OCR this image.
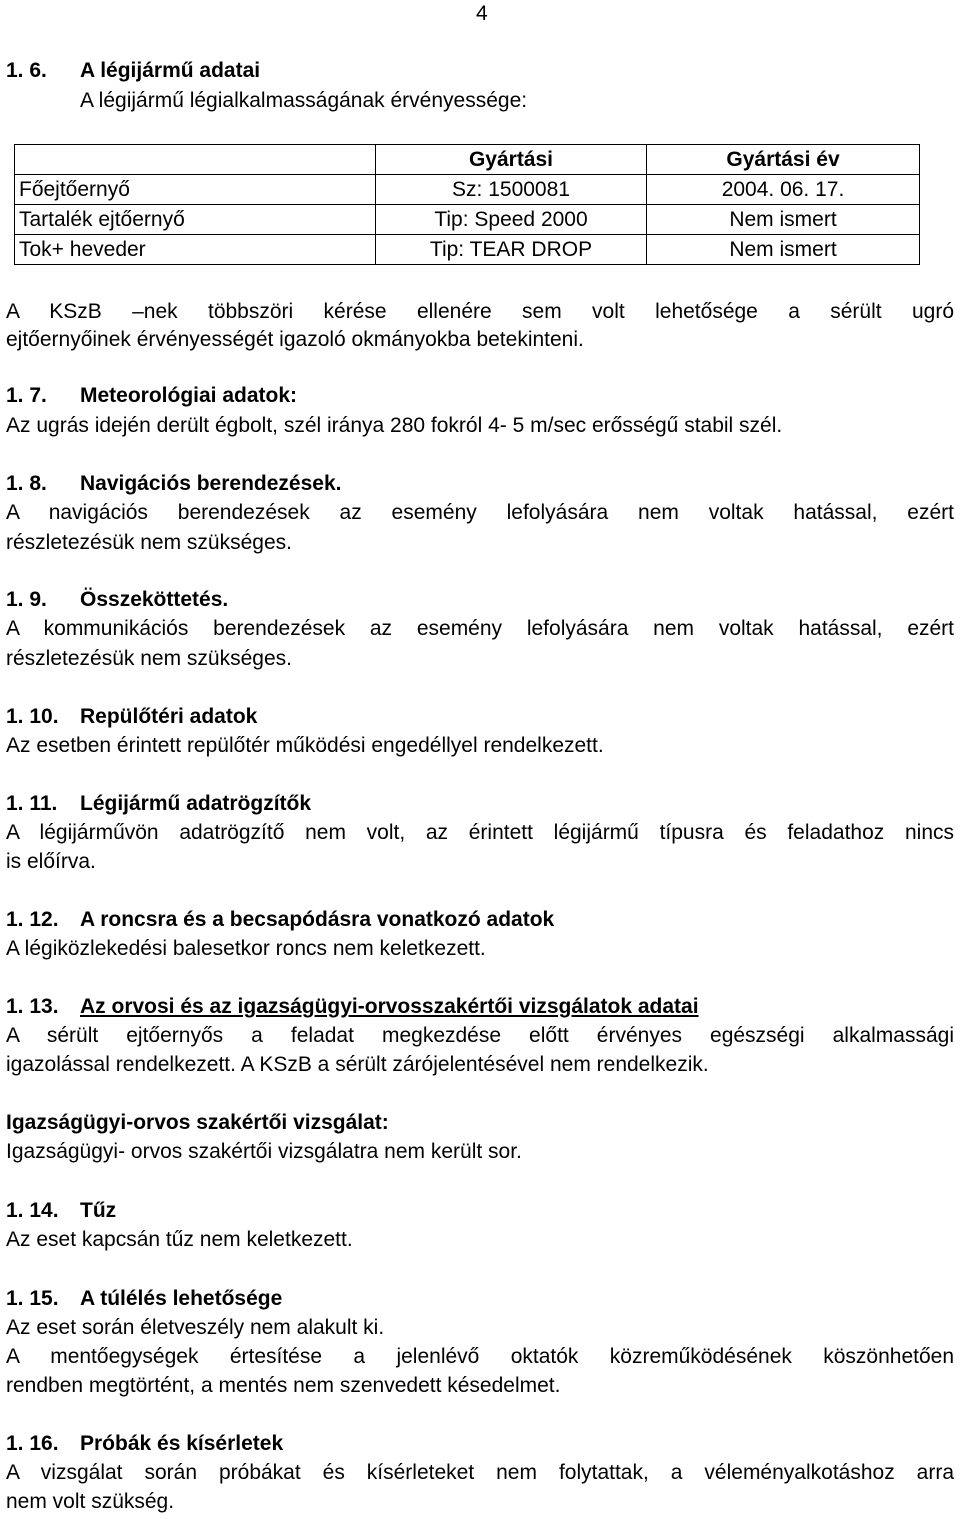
4
1. 6. A légijármű adatai
A légijármű légialkalmasságának érvényessége:
	Gyártási	Gyártási év
Főejtőernyő	Sz: 1500081	2004. 06. 17.
Tartalék ejtőernyő	Tip: Speed 2000	Nem ismert
Tok+ heveder	Tip: TEAR DROP	Nem ismert
A KSzB –nek többszöri kérése ellenére sem volt lehetősége a sérült ugró
ejtőernyőinek érvényességét igazoló okmányokba betekinteni.
1. 7. Meteorológiai adatok:
Az ugrás idején derült égbolt, szél iránya 280 fokról 4- 5 m/sec erősségű stabil szél.
1. 8. Navigációs berendezések.
A navigációs berendezések az esemény lefolyására nem voltak hatással, ezért
részletezésük nem szükséges.
1. 9. Összeköttetés.
A kommunikációs berendezések az esemény lefolyására nem voltak hatással, ezért
részletezésük nem szükséges.
1. 10. Repülőtéri adatok
Az esetben érintett repülőtér működési engedéllyel rendelkezett.
1. 11. Légijármű adatrögzítők
A légijárművön adatrögzítő nem volt, az érintett légijármű típusra és feladathoz nincs
is előírva.
1. 12. A roncsra és a becsapódásra vonatkozó adatok
A légiközlekedési balesetkor roncs nem keletkezett.
1. 13. Az orvosi és az igazságügyi-orvosszakértői vizsgálatok adatai
A sérült ejtőernyős a feladat megkezdése előtt érvényes egészségi alkalmassági
igazolással rendelkezett. A KSzB a sérült zárójelentésével nem rendelkezik.
Igazságügyi-orvos szakértői vizsgálat:
Igazságügyi- orvos szakértői vizsgálatra nem került sor.
1. 14. Tűz
Az eset kapcsán tűz nem keletkezett.
1. 15. A túlélés lehetősége
Az eset során életveszély nem alakult ki.
A mentőegységek értesítése a jelenlévő oktatók közreműködésének köszönhetően
rendben megtörtént, a mentés nem szenvedett késedelmet.
1. 16. Próbák és kísérletek
A vizsgálat során próbákat és kísérleteket nem folytattak, a véleményalkotáshoz arra
nem volt szükség.
